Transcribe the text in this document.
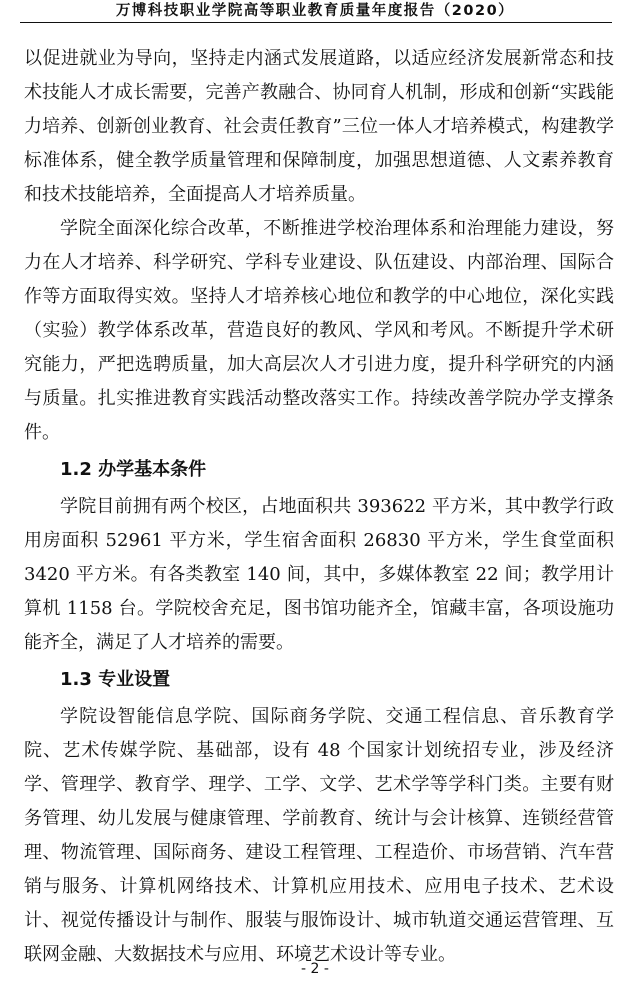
万博科技职业学院高等职业教育质量年度报告（2020）

以促进就业为导向，坚持走内涵式发展道路，以适应经济发展新常态和技术技能人才成长需要，完善产教融合、协同育人机制，形成和创新“实践能力培养、创新创业教育、社会责任教育”三位一体人才培养模式，构建教学标准体系，健全教学质量管理和保障制度，加强思想道德、人文素养教育和技术技能培养，全面提高人才培养质量。

学院全面深化综合改革，不断推进学校治理体系和治理能力建设，努力在人才培养、科学研究、学科专业建设、队伍建设、内部治理、国际合作等方面取得实效。坚持人才培养核心地位和教学的中心地位，深化实践（实验）教学体系改革，营造良好的教风、学风和考风。不断提升学术研究能力，严把选聘质量，加大高层次人才引进力度，提升科学研究的内涵与质量。扎实推进教育实践活动整改落实工作。持续改善学院办学支撑条件。

1.2 办学基本条件

学院目前拥有两个校区，占地面积共 393622 平方米，其中教学行政用房面积 52961 平方米，学生宿舍面积 26830 平方米，学生食堂面积 3420 平方米。有各类教室 140 间，其中，多媒体教室 22 间；教学用计算机 1158 台。学院校舍充足，图书馆功能齐全，馆藏丰富，各项设施功能齐全，满足了人才培养的需要。

1.3 专业设置

学院设智能信息学院、国际商务学院、交通工程信息、音乐教育学院、艺术传媒学院、基础部，设有 48 个国家计划统招专业，涉及经济学、管理学、教育学、理学、工学、文学、艺术学等学科门类。主要有财务管理、幼儿发展与健康管理、学前教育、统计与会计核算、连锁经营管理、物流管理、国际商务、建设工程管理、工程造价、市场营销、汽车营销与服务、计算机网络技术、计算机应用技术、应用电子技术、艺术设计、视觉传播设计与制作、服装与服饰设计、城市轨道交通运营管理、互联网金融、大数据技术与应用、环境艺术设计等专业。

- 2 -
